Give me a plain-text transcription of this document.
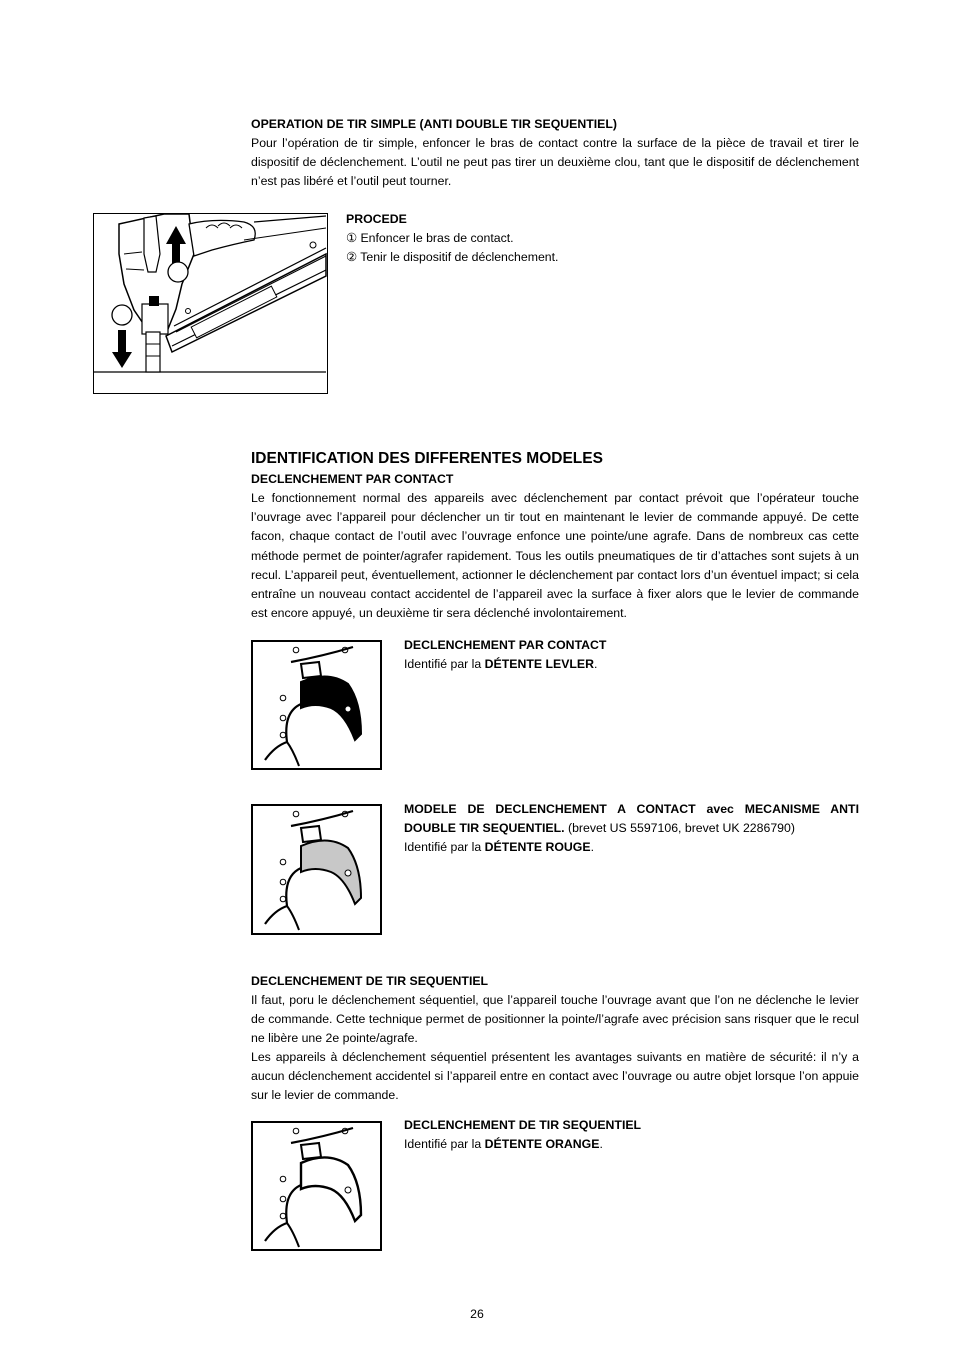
OPERATION DE TIR SIMPLE (ANTI DOUBLE TIR SEQUENTIEL)
Pour l’opération de tir simple, enfoncer le bras de contact contre la surface de la pièce de travail et tirer le dispositif de déclenchement. L’outil ne peut pas tirer un deuxième clou, tant que le dispositif de déclenchement n’est pas libéré et l’outil peut tourner.
PROCEDE
① Enfoncer le bras de contact.
② Tenir le dispositif de déclenchement.
IDENTIFICATION DES DIFFERENTES MODELES
DECLENCHEMENT PAR CONTACT
Le fonctionnement normal des appareils avec déclenchement par contact prévoit que l’opérateur touche l’ouvrage avec l’appareil pour déclencher un tir tout en maintenant le levier de commande appuyé. De cette facon, chaque contact de l’outil avec l’ouvrage enfonce une pointe/une agrafe. Dans de nombreux cas cette méthode permet de pointer/agrafer rapidement. Tous les outils pneumatiques de tir d’attaches sont sujets à un recul. L’appareil peut, éventuellement, actionner le déclenchement par contact lors d’un éventuel impact; si cela entraîne un nouveau contact accidentel de l’appareil avec la surface à fixer alors que le levier de commande est encore appuyé, un deuxième tir sera déclenché involontairement.
DECLENCHEMENT PAR CONTACT
Identifié par la DÉTENTE LEVLER.
MODELE DE DECLENCHEMENT A CONTACT avec MECANISME ANTI DOUBLE TIR SEQUENTIEL. (brevet US 5597106, brevet UK 2286790)
Identifié par la DÉTENTE ROUGE.
DECLENCHEMENT DE TIR SEQUENTIEL
Il faut, poru le déclenchement séquentiel, que l’appareil touche l’ouvrage avant que l’on ne déclenche le levier de commande. Cette technique permet de positionner la pointe/l’agrafe avec précision sans risquer que le recul ne libère une 2e pointe/agrafe.
Les appareils à déclenchement séquentiel présentent les avantages suivants en matière de sécurité: il n’y a aucun déclenchement accidentel si l’appareil entre en contact avec l’ouvrage ou autre objet lorsque l’on appuie sur le levier de commande.
DECLENCHEMENT DE TIR SEQUENTIEL
Identifié par la DÉTENTE ORANGE.
26
